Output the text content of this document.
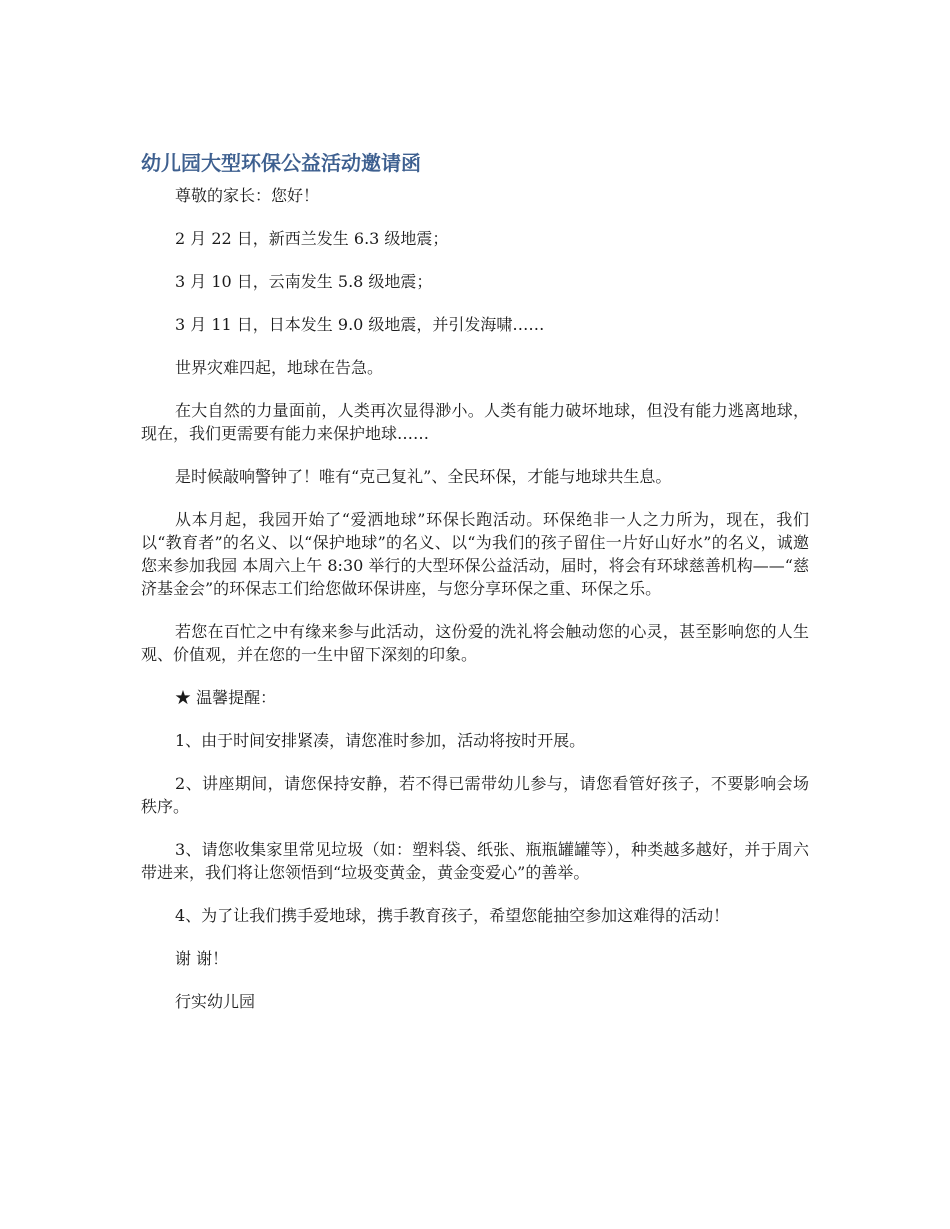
幼儿园大型环保公益活动邀请函

尊敬的家长：您好！

2 月 22 日，新西兰发生 6.3 级地震；

3 月 10 日，云南发生 5.8 级地震；

3 月 11 日，日本发生 9.0 级地震，并引发海啸……

世界灾难四起，地球在告急。

在大自然的力量面前，人类再次显得渺小。人类有能力破坏地球，但没有能力逃离地球，现在，我们更需要有能力来保护地球……

是时候敲响警钟了！唯有“克己复礼”、全民环保，才能与地球共生息。

从本月起，我园开始了“爱洒地球”环保长跑活动。环保绝非一人之力所为，现在，我们以“教育者”的名义、以“保护地球”的名义、以“为我们的孩子留住一片好山好水”的名义，诚邀您来参加我园 本周六上午 8:30 举行的大型环保公益活动，届时，将会有环球慈善机构——“慈济基金会”的环保志工们给您做环保讲座，与您分享环保之重、环保之乐。

若您在百忙之中有缘来参与此活动，这份爱的洗礼将会触动您的心灵，甚至影响您的人生观、价值观，并在您的一生中留下深刻的印象。

★ 温馨提醒：

1、由于时间安排紧凑，请您准时参加，活动将按时开展。

2、讲座期间，请您保持安静，若不得已需带幼儿参与，请您看管好孩子，不要影响会场秩序。

3、请您收集家里常见垃圾（如：塑料袋、纸张、瓶瓶罐罐等），种类越多越好，并于周六带进来，我们将让您领悟到“垃圾变黄金，黄金变爱心”的善举。

4、为了让我们携手爱地球，携手教育孩子，希望您能抽空参加这难得的活动！

谢 谢！

行实幼儿园
